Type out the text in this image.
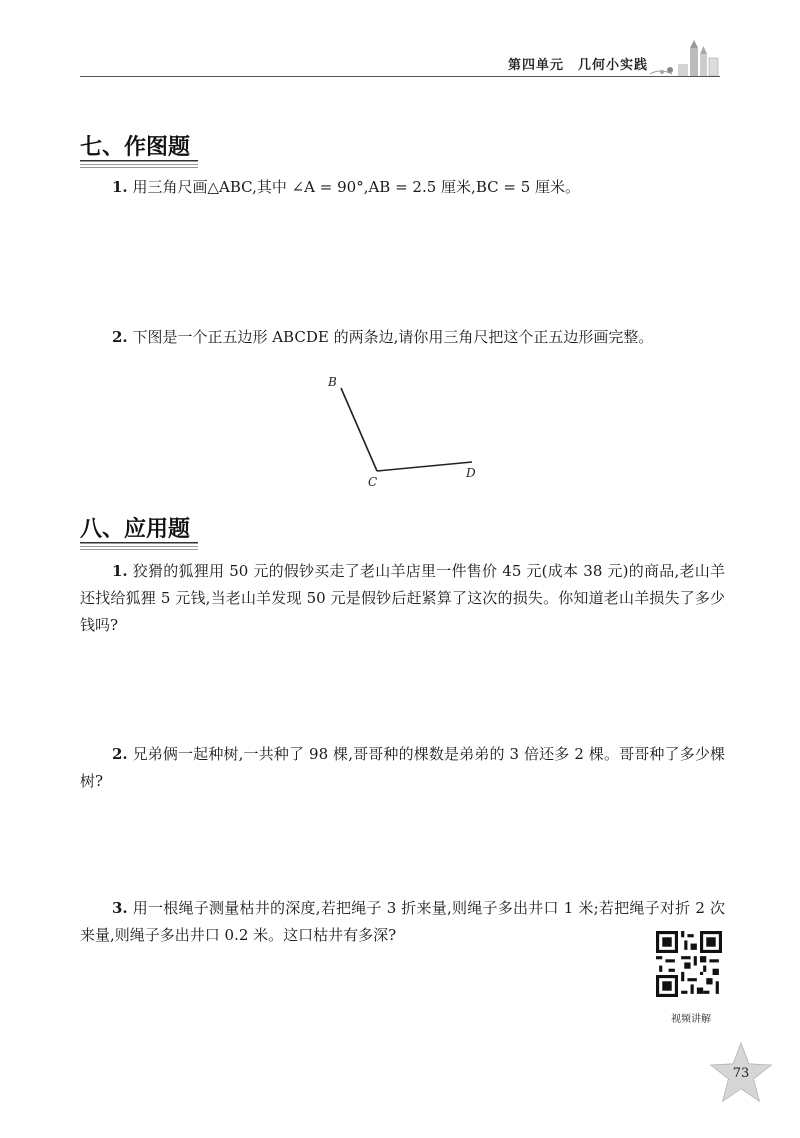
第四单元　几何小实践
七、作图题
1. 用三角尺画△ABC,其中 ∠A = 90°,AB = 2.5 厘米,BC = 5 厘米。
2. 下图是一个正五边形 ABCDE 的两条边,请你用三角尺把这个正五边形画完整。
B
C
D
八、应用题
1. 狡猾的狐狸用 50 元的假钞买走了老山羊店里一件售价 45 元(成本 38 元)的商品,老山羊还找给狐狸 5 元钱,当老山羊发现 50 元是假钞后赶紧算了这次的损失。你知道老山羊损失了多少钱吗?
2. 兄弟俩一起种树,一共种了 98 棵,哥哥种的棵数是弟弟的 3 倍还多 2 棵。哥哥种了多少棵树?
3. 用一根绳子测量枯井的深度,若把绳子 3 折来量,则绳子多出井口 1 米;若把绳子对折 2 次来量,则绳子多出井口 0.2 米。这口枯井有多深?
视频讲解
73
